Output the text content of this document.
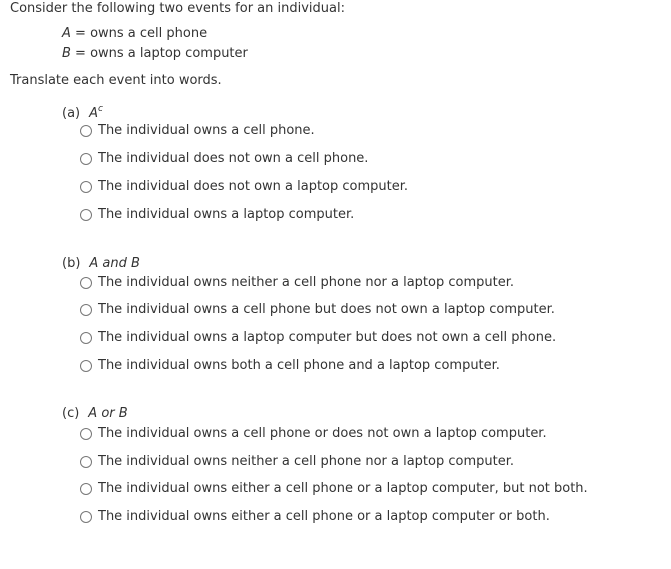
Consider the following two events for an individual:
A = owns a cell phone
B = owns a laptop computer
Translate each event into words.
(a) $A^c$
The individual owns a cell phone.
The individual does not own a cell phone.
The individual does not own a laptop computer.
The individual owns a laptop computer.
(b) A and B
The individual owns neither a cell phone nor a laptop computer.
The individual owns a cell phone but does not own a laptop computer.
The individual owns a laptop computer but does not own a cell phone.
The individual owns both a cell phone and a laptop computer.
(c) A or B
The individual owns a cell phone or does not own a laptop computer.
The individual owns neither a cell phone nor a laptop computer.
The individual owns either a cell phone or a laptop computer, but not both.
The individual owns either a cell phone or a laptop computer or both.
